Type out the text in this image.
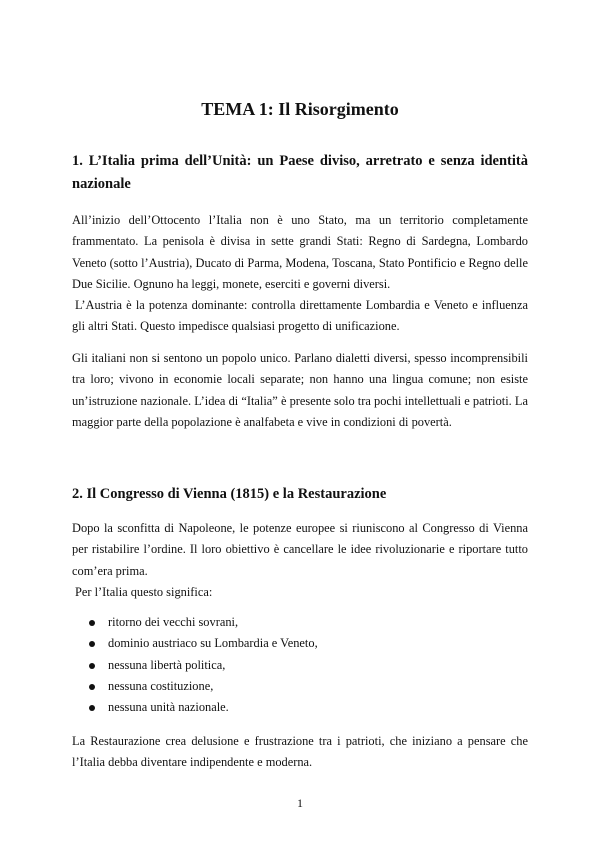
TEMA 1: Il Risorgimento
1. L’Italia prima dell’Unità: un Paese diviso, arretrato e senza identità nazionale

All’inizio dell’Ottocento l’Italia non è uno Stato, ma un territorio completamente frammentato. La penisola è divisa in sette grandi Stati: Regno di Sardegna, Lombardo Veneto (sotto l’Austria), Ducato di Parma, Modena, Toscana, Stato Pontificio e Regno delle Due Sicilie. Ognuno ha leggi, monete, eserciti e governi diversi.

L’Austria è la potenza dominante: controlla direttamente Lombardia e Veneto e influenza gli altri Stati. Questo impedisce qualsiasi progetto di unificazione.

Gli italiani non si sentono un popolo unico. Parlano dialetti diversi, spesso incomprensibili tra loro; vivono in economie locali separate; non hanno una lingua comune; non esiste un’istruzione nazionale. L’idea di “Italia” è presente solo tra pochi intellettuali e patrioti. La maggior parte della popolazione è analfabeta e vive in condizioni di povertà.

2. Il Congresso di Vienna (1815) e la Restaurazione

Dopo la sconfitta di Napoleone, le potenze europee si riuniscono al Congresso di Vienna per ristabilire l’ordine. Il loro obiettivo è cancellare le idee rivoluzionarie e riportare tutto com’era prima.

Per l’Italia questo significa:

ritorno dei vecchi sovrani,
dominio austriaco su Lombardia e Veneto,
nessuna libertà politica,
nessuna costituzione,
nessuna unità nazionale.

La Restaurazione crea delusione e frustrazione tra i patrioti, che iniziano a pensare che l’Italia debba diventare indipendente e moderna.

1
